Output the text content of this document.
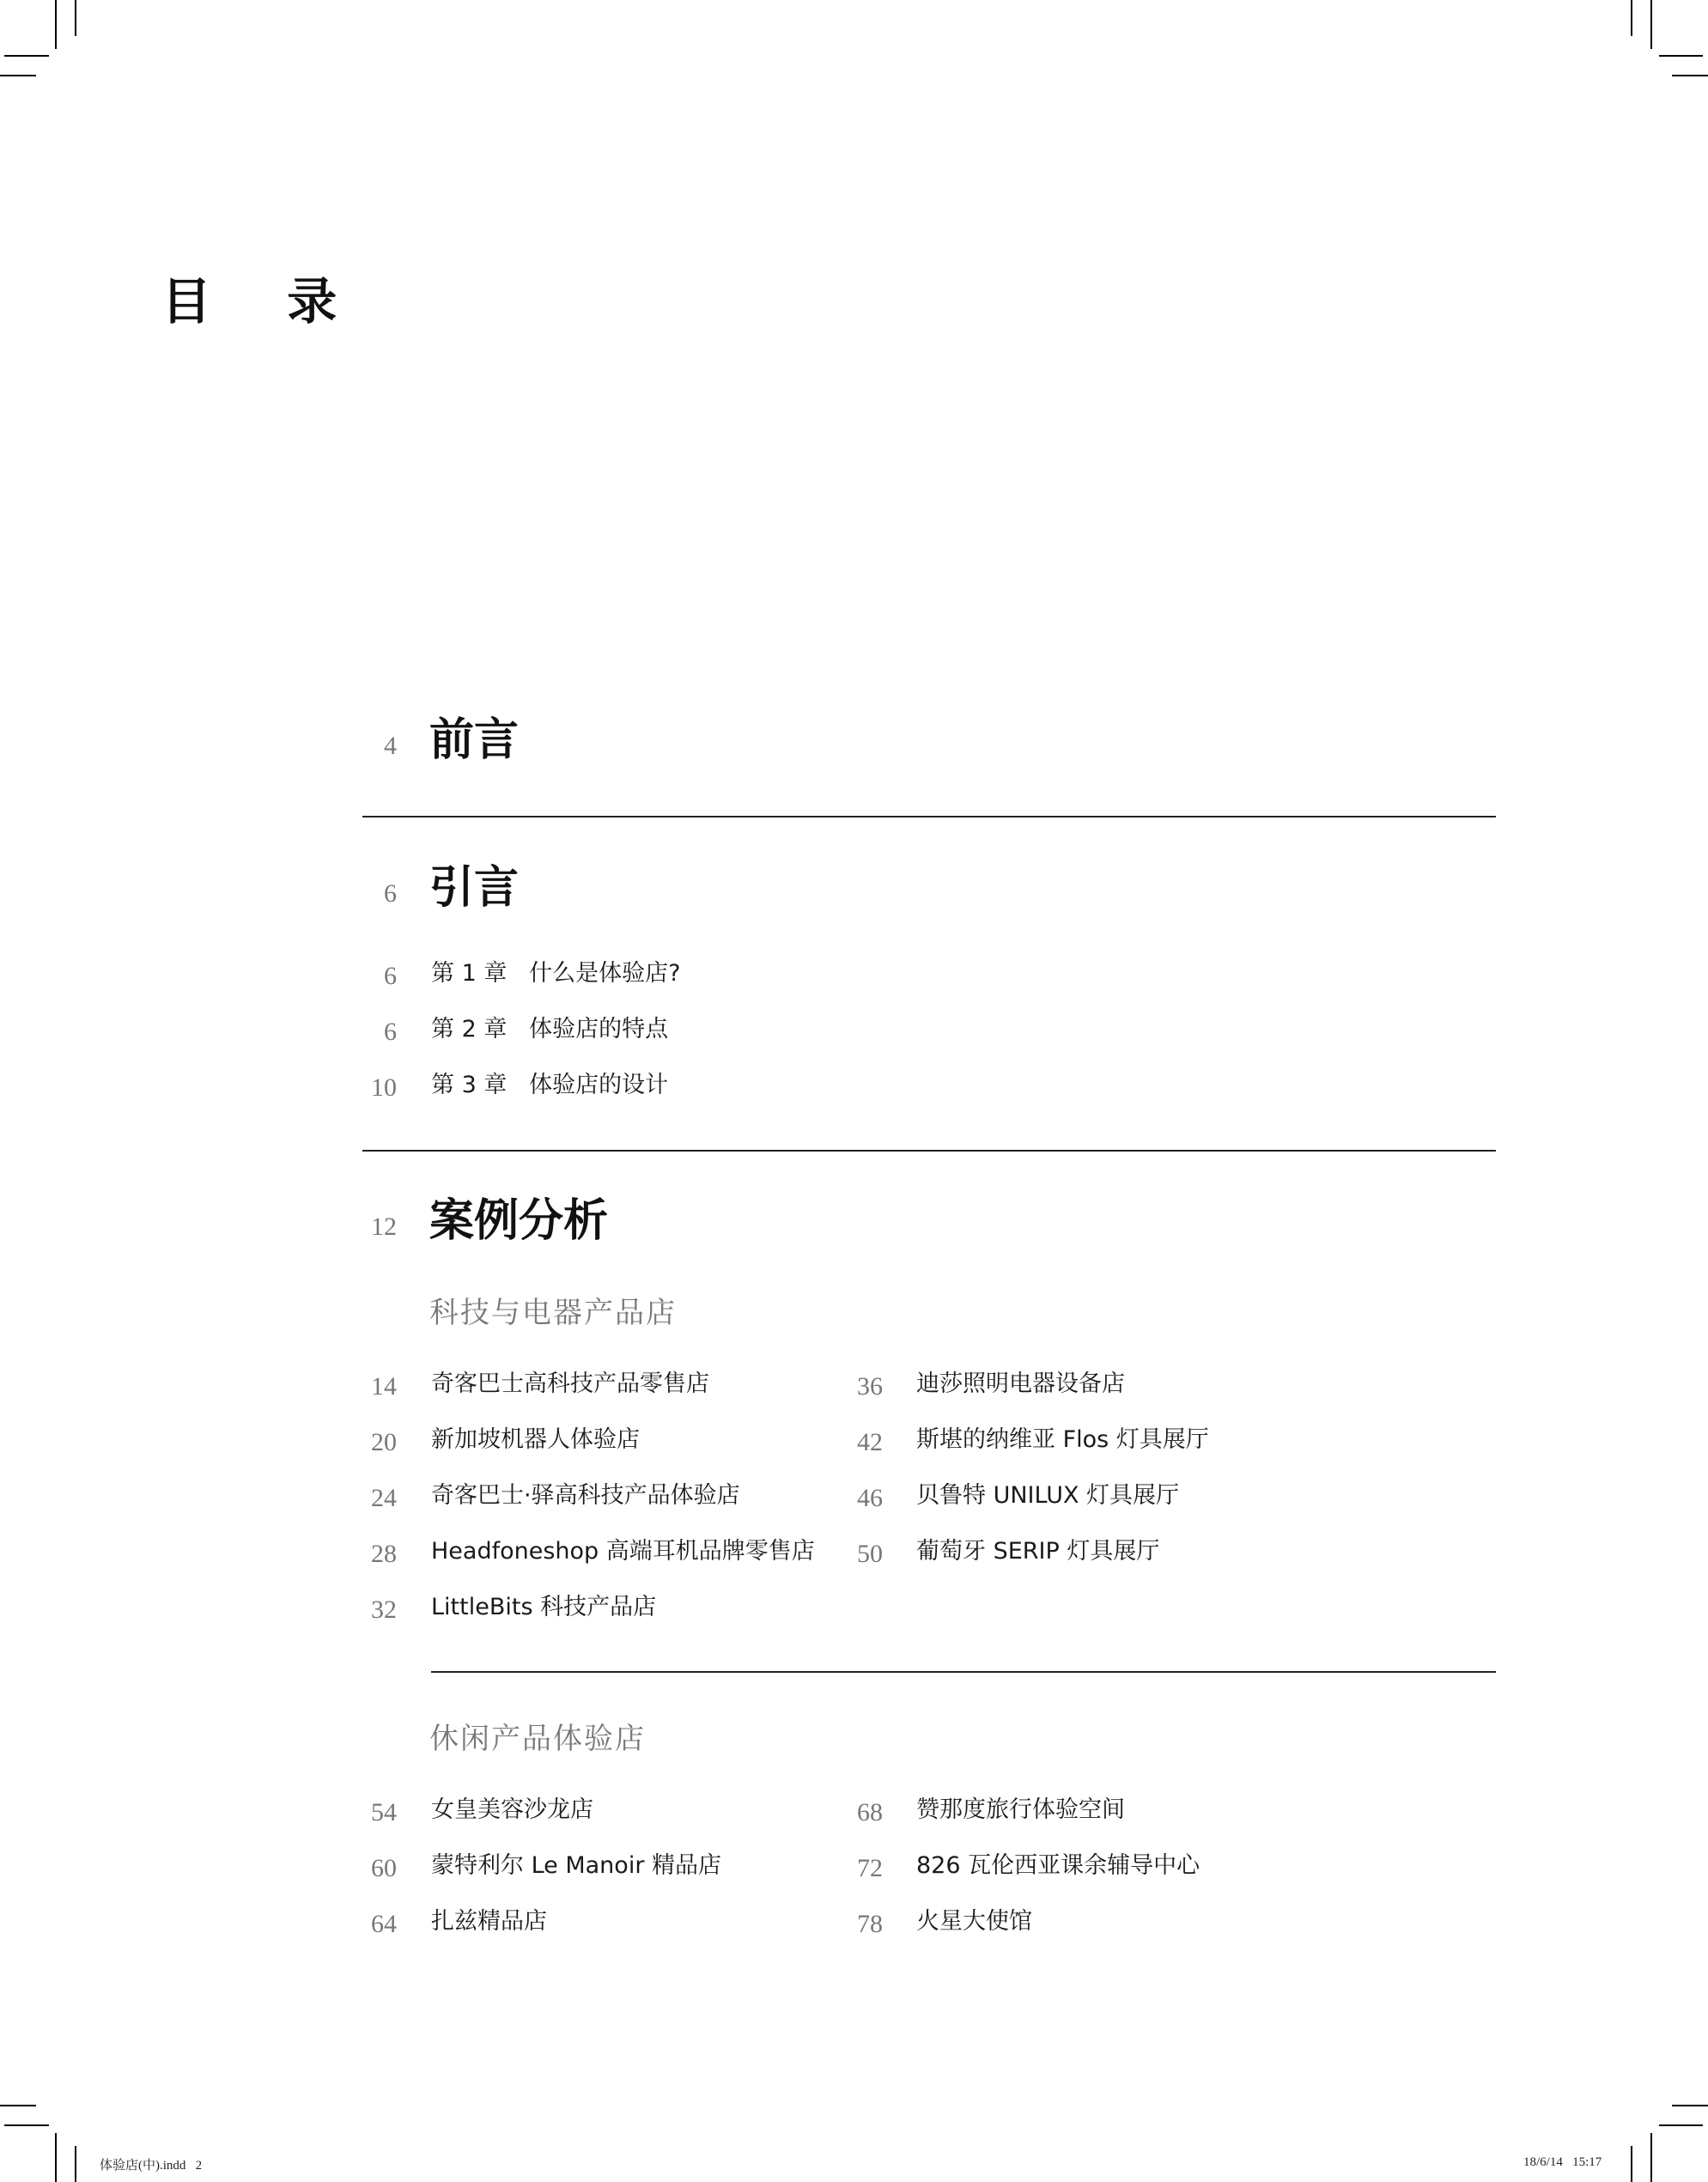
目 录
4 前言
6 引言
6 第 1 章 什么是体验店?
6 第 2 章 体验店的特点
10 第 3 章 体验店的设计
12 案例分析
科技与电器产品店
14 奇客巴士高科技产品零售店
20 新加坡机器人体验店
24 奇客巴士·驿高科技产品体验店
28 Headfoneshop 高端耳机品牌零售店
32 LittleBits 科技产品店
36 迪莎照明电器设备店
42 斯堪的纳维亚 Flos 灯具展厅
46 贝鲁特 UNILUX 灯具展厅
50 葡萄牙 SERIP 灯具展厅
休闲产品体验店
54 女皇美容沙龙店
60 蒙特利尔 Le Manoir 精品店
64 扎兹精品店
68 赞那度旅行体验空间
72 826 瓦伦西亚课余辅导中心
78 火星大使馆
体验店(中).indd   2	18/6/14   15:17
